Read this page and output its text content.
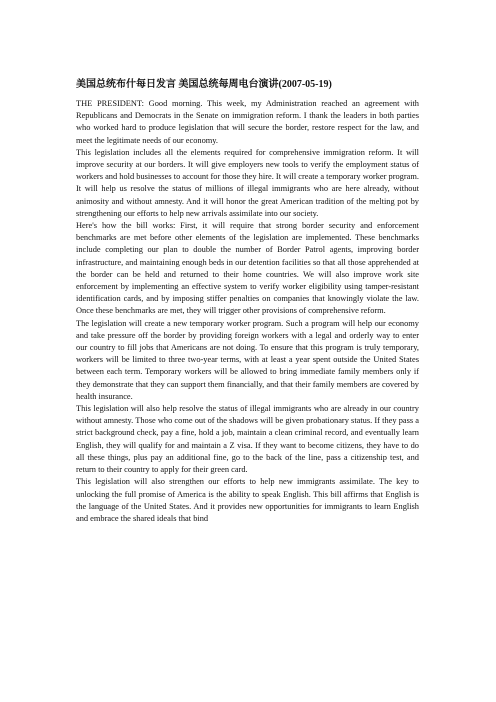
美国总统布什每日发言 美国总统每周电台演讲(2007-05-19)

THE PRESIDENT: Good morning. This week, my Administration reached an agreement with Republicans and Democrats in the Senate on immigration reform. I thank the leaders in both parties who worked hard to produce legislation that will secure the border, restore respect for the law, and meet the legitimate needs of our economy.

This legislation includes all the elements required for comprehensive immigration reform. It will improve security at our borders. It will give employers new tools to verify the employment status of workers and hold businesses to account for those they hire. It will create a temporary worker program. It will help us resolve the status of millions of illegal immigrants who are here already, without animosity and without amnesty. And it will honor the great American tradition of the melting pot by strengthening our efforts to help new arrivals assimilate into our society.

Here's how the bill works: First, it will require that strong border security and enforcement benchmarks are met before other elements of the legislation are implemented. These benchmarks include completing our plan to double the number of Border Patrol agents, improving border infrastructure, and maintaining enough beds in our detention facilities so that all those apprehended at the border can be held and returned to their home countries. We will also improve work site enforcement by implementing an effective system to verify worker eligibility using tamper-resistant identification cards, and by imposing stiffer penalties on companies that knowingly violate the law. Once these benchmarks are met, they will trigger other provisions of comprehensive reform.

The legislation will create a new temporary worker program. Such a program will help our economy and take pressure off the border by providing foreign workers with a legal and orderly way to enter our country to fill jobs that Americans are not doing. To ensure that this program is truly temporary, workers will be limited to three two-year terms, with at least a year spent outside the United States between each term. Temporary workers will be allowed to bring immediate family members only if they demonstrate that they can support them financially, and that their family members are covered by health insurance.

This legislation will also help resolve the status of illegal immigrants who are already in our country without amnesty. Those who come out of the shadows will be given probationary status. If they pass a strict background check, pay a fine, hold a job, maintain a clean criminal record, and eventually learn English, they will qualify for and maintain a Z visa. If they want to become citizens, they have to do all these things, plus pay an additional fine, go to the back of the line, pass a citizenship test, and return to their country to apply for their green card.

This legislation will also strengthen our efforts to help new immigrants assimilate. The key to unlocking the full promise of America is the ability to speak English. This bill affirms that English is the language of the United States. And it provides new opportunities for immigrants to learn English and embrace the shared ideals that bind
